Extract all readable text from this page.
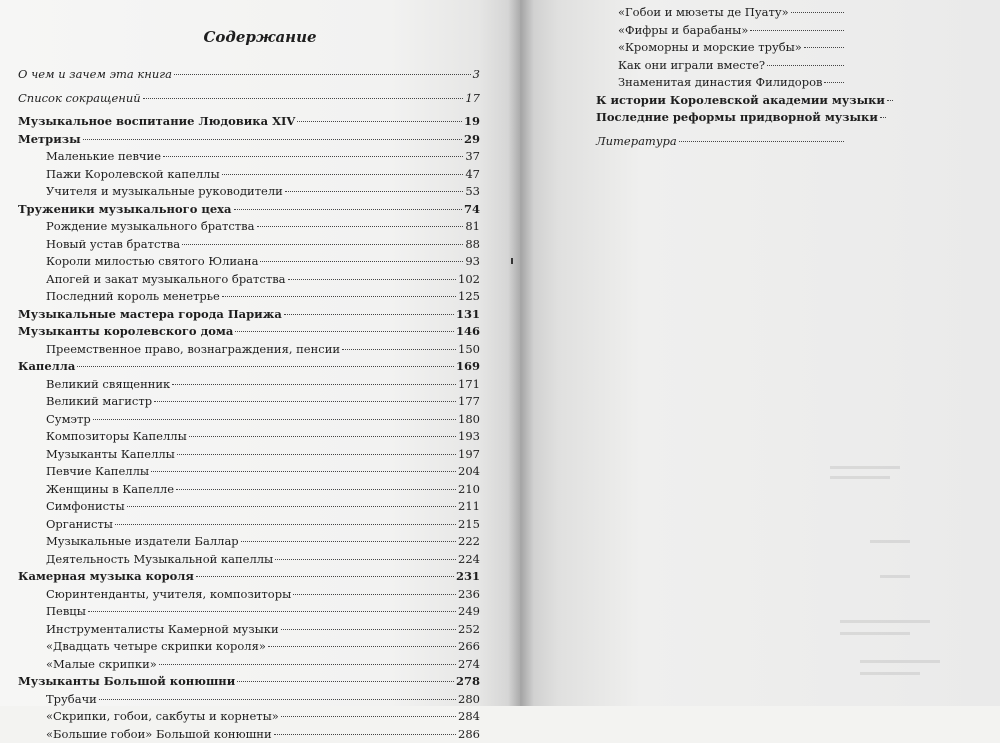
Содержание
О чем и зачем эта книга	3
Список сокращений	17
Музыкальное воспитание Людовика XIV	19
Метризы	29
Маленькие певчие	37
Пажи Королевской капеллы	47
Учителя и музыкальные руководители	53
Труженики музыкального цеха	74
Рождение музыкального братства	81
Новый устав братства	88
Короли милостью святого Юлиана	93
Апогей и закат музыкального братства	102
Последний король менетрье	125
Музыкальные мастера города Парижа	131
Музыканты королевского дома	146
Преемственное право, вознаграждения, пенсии	150
Капелла	169
Великий священник	171
Великий магистр	177
Сумэтр	180
Композиторы Капеллы	193
Музыканты Капеллы	197
Певчие Капеллы	204
Женщины в Капелле	210
Симфонисты	211
Органисты	215
Музыкальные издатели Баллар	222
Деятельность Музыкальной капеллы	224
Камерная музыка короля	231
Сюринтенданты, учителя, композиторы	236
Певцы	249
Инструменталисты Камерной музыки	252
«Двадцать четыре скрипки короля»	266
«Малые скрипки»	274
Музыканты Большой конюшни	278
Трубачи	280
«Скрипки, гобои, сакбуты и корнеты»	284
«Большие гобои» Большой конюшни	286
«Гобои и мюзеты де Пуату»
«Фифры и барабаны»
«Кроморны и морские трубы»
Как они играли вместе?
Знаменитая династия Филидоров
К истории Королевской академии музыки
Последние реформы придворной музыки
Литература
